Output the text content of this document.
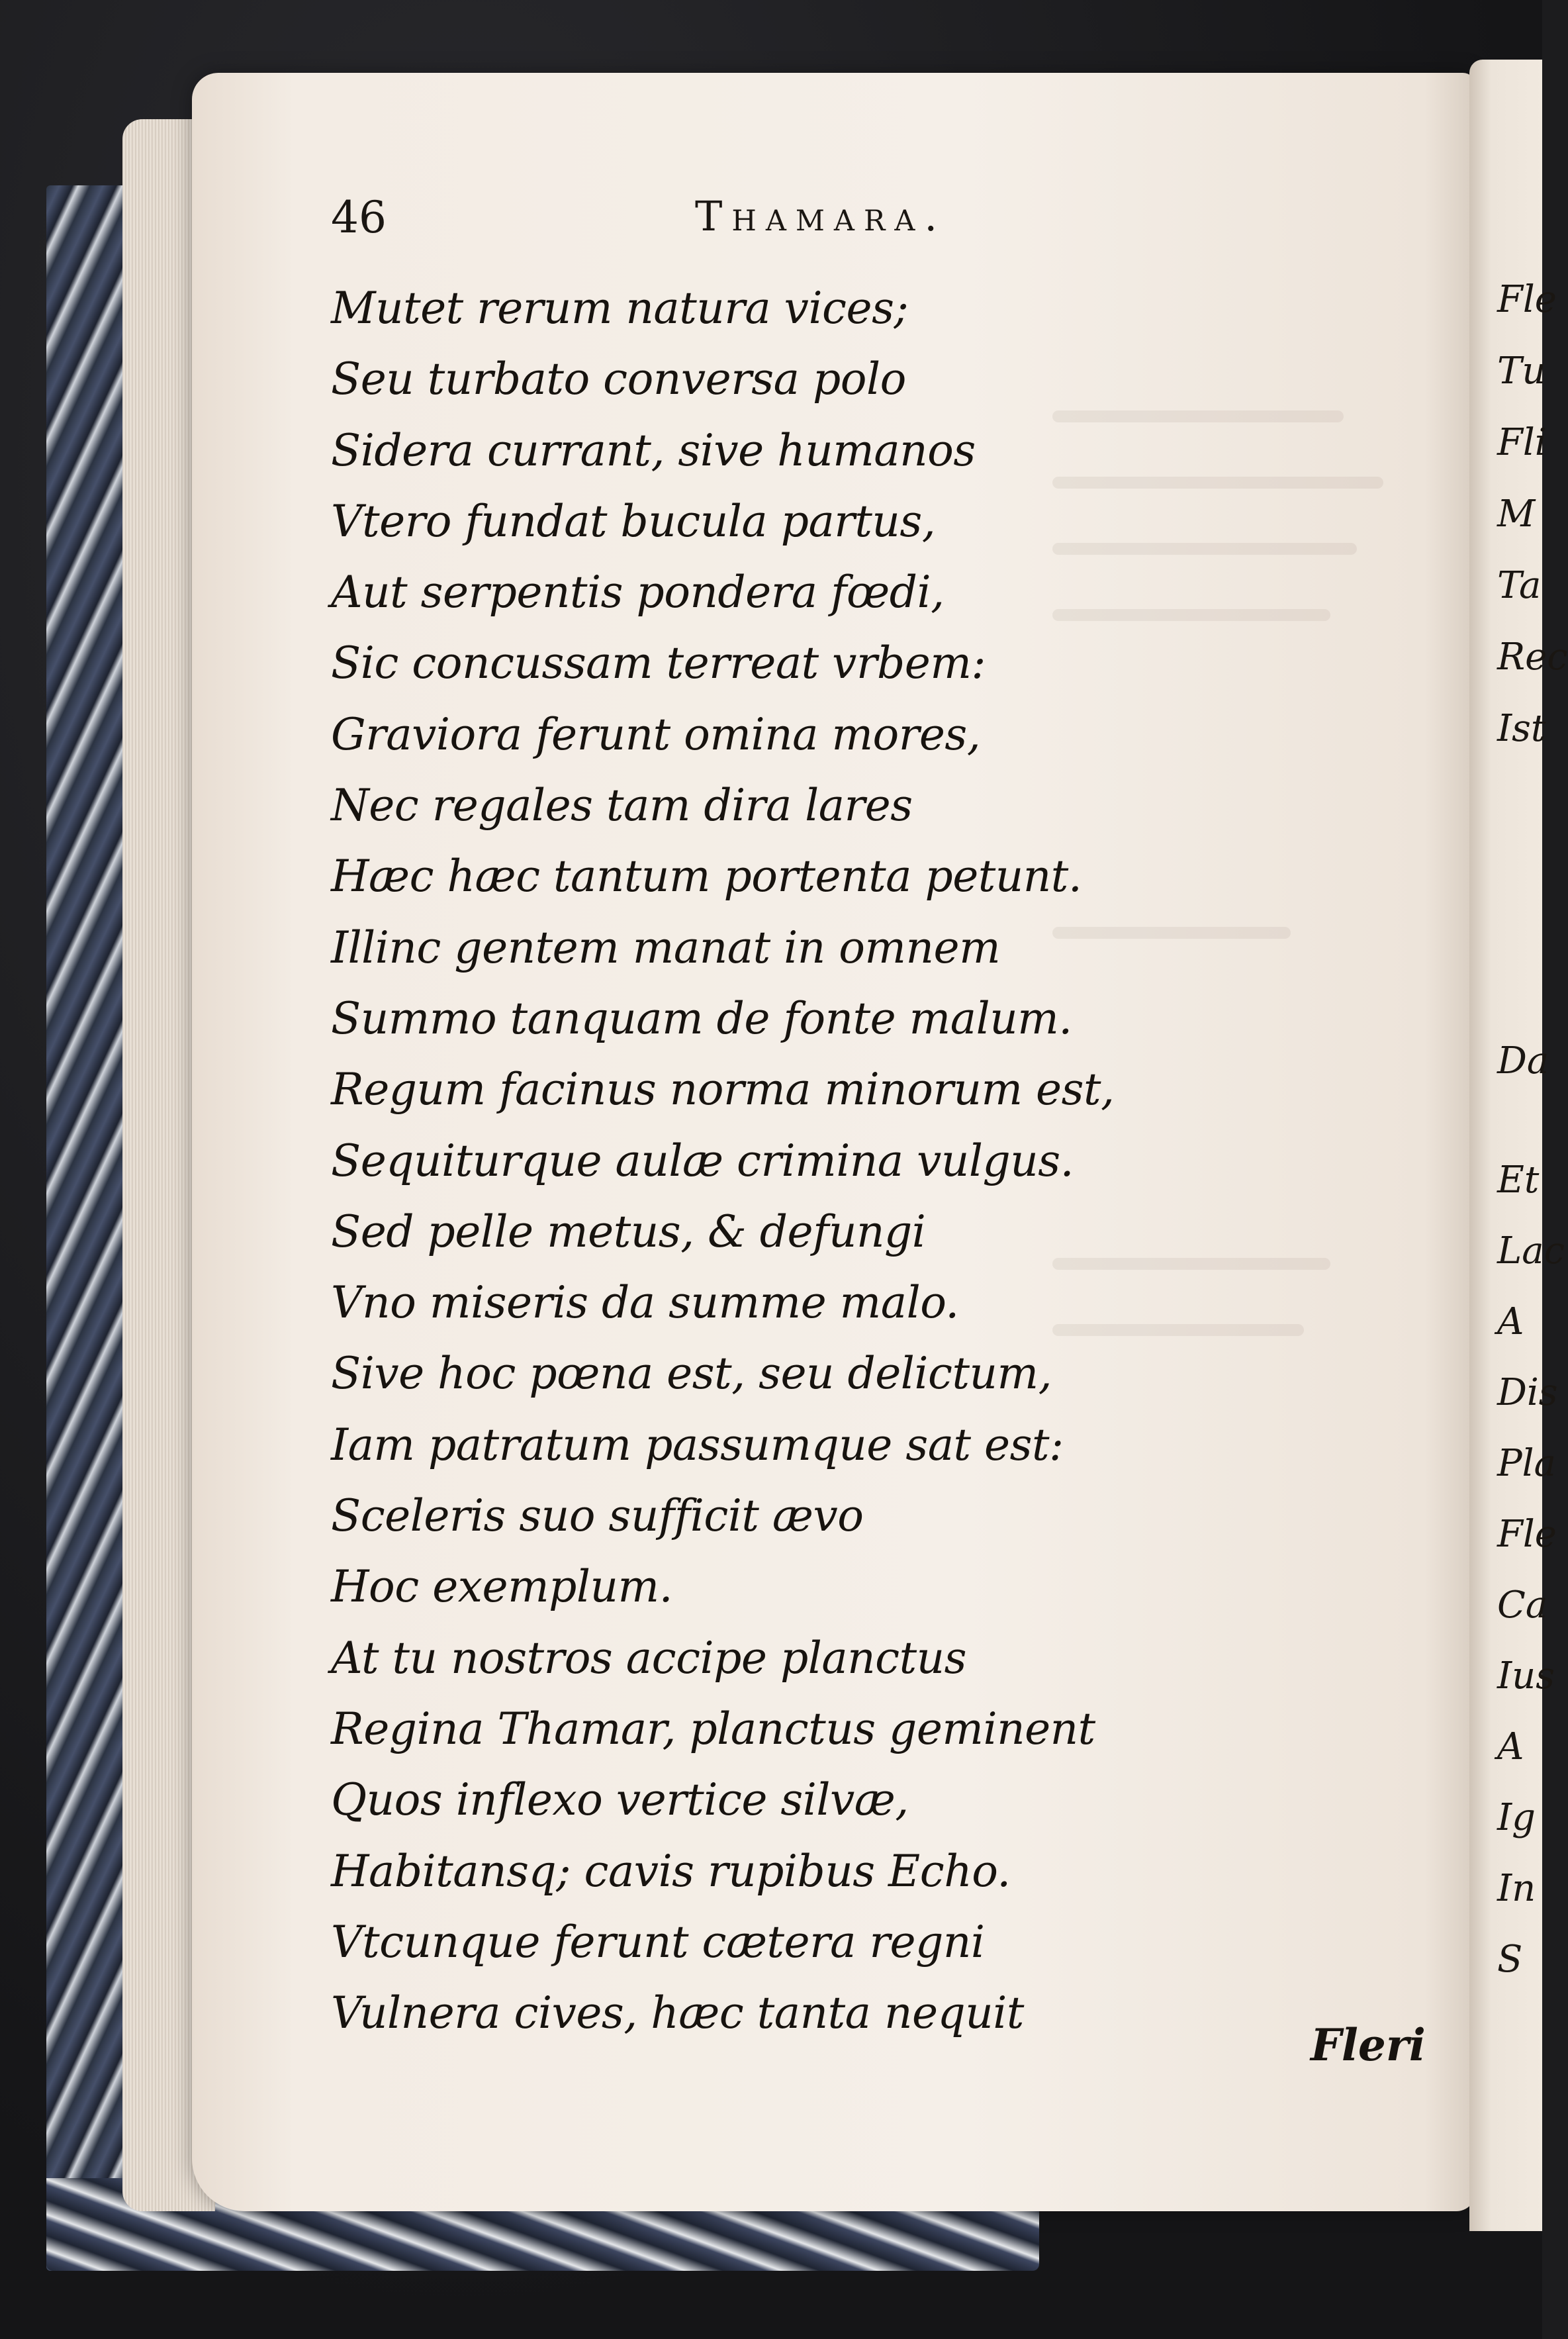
Fle
Tu
Fli
M
Ta
Rec
Ist
Da
Et
Lac
A
Dis
Pla
Fle
Ca
Ius
A
Ig
In
S
46	Thamara.
Mutet rerum natura vices;
Seu turbato conversa polo
Sidera currant, sive humanos
Vtero fundat bucula partus,
Aut serpentis pondera fœdi,
Sic concussam terreat vrbem:
Graviora ferunt omina mores,
Nec regales tam dira lares
Hæc hæc tantum portenta petunt.
Illinc gentem manat in omnem
Summo tanquam de fonte malum.
Regum facinus norma minorum est,
Sequiturque aulæ crimina vulgus.
Sed pelle metus, & defungi
Vno miseris da summe malo.
Sive hoc pœna est, seu delictum,
Iam patratum passumque sat est:
Sceleris suo sufficit ævo
Hoc exemplum.
At tu nostros accipe planctus
Regina Thamar, planctus geminent
Quos inflexo vertice silvæ,
Habitansq; cavis rupibus Echo.
Vtcunque ferunt cætera regni
Vulnera cives, hæc tanta nequit
Fleri
